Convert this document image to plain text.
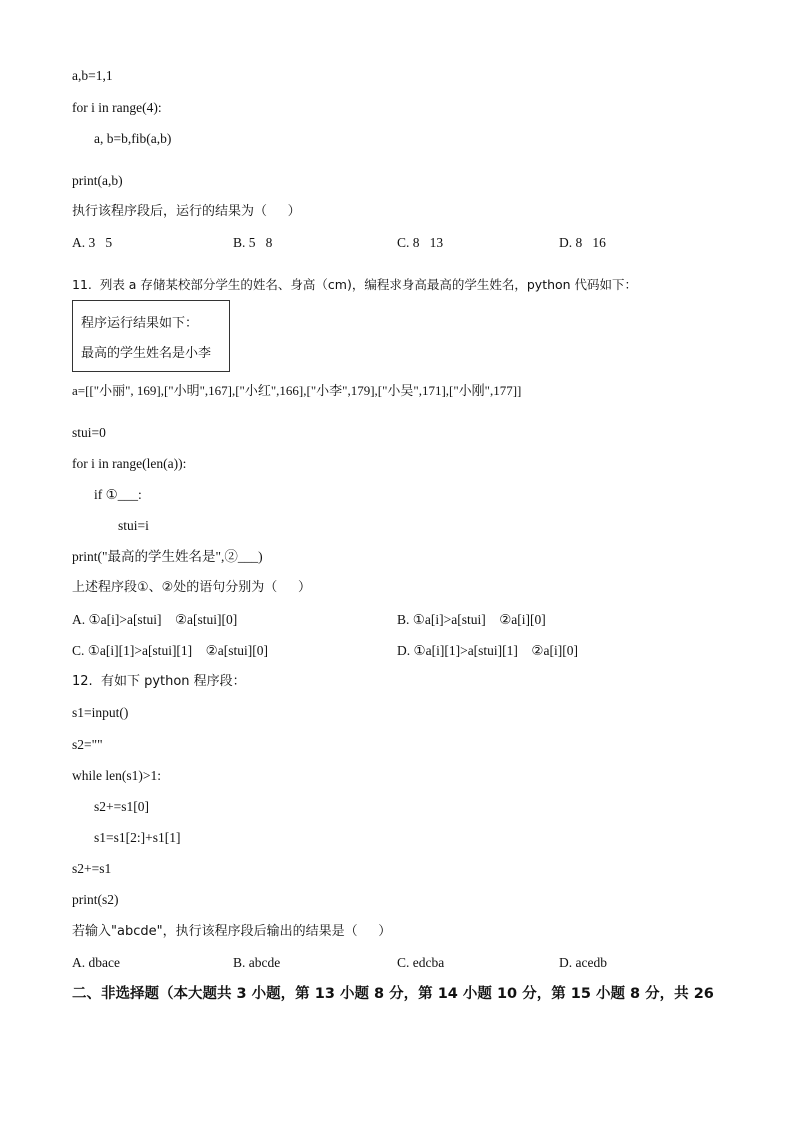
a,b=1,1
for i in range(4):
a, b=b,fib(a,b)
print(a,b)
执行该程序段后，运行的结果为（     ）
A. 3   5	B. 5   8	C. 8   13	D. 8   16
11.  列表 a 存储某校部分学生的姓名、身高（cm)，编程求身高最高的学生姓名，python 代码如下：
程序运行结果如下：
最高的学生姓名是小李
a=[["小丽", 169],["小明",167],["小红",166],["小李",179],["小吴",171],["小刚",177]]
stui=0
for i in range(len(a)):
if ①___:
stui=i
print("最高的学生姓名是",②___)
上述程序段①、②处的语句分别为（     ）
A. ①a[i]>a[stui]    ②a[stui][0]	B. ①a[i]>a[stui]    ②a[i][0]
C. ①a[i][1]>a[stui][1]    ②a[stui][0]	D. ①a[i][1]>a[stui][1]    ②a[i][0]
12.  有如下 python 程序段：
s1=input()
s2=""
while len(s1)>1:
s2+=s1[0]
s1=s1[2:]+s1[1]
s2+=s1
print(s2)
若输入"abcde"，执行该程序段后输出的结果是（     ）
A. dbace	B. abcde	C. edcba	D. acedb
二、非选择题（本大题共 3 小题，第 13 小题 8 分，第 14 小题 10 分，第 15 小题 8 分，共 26
